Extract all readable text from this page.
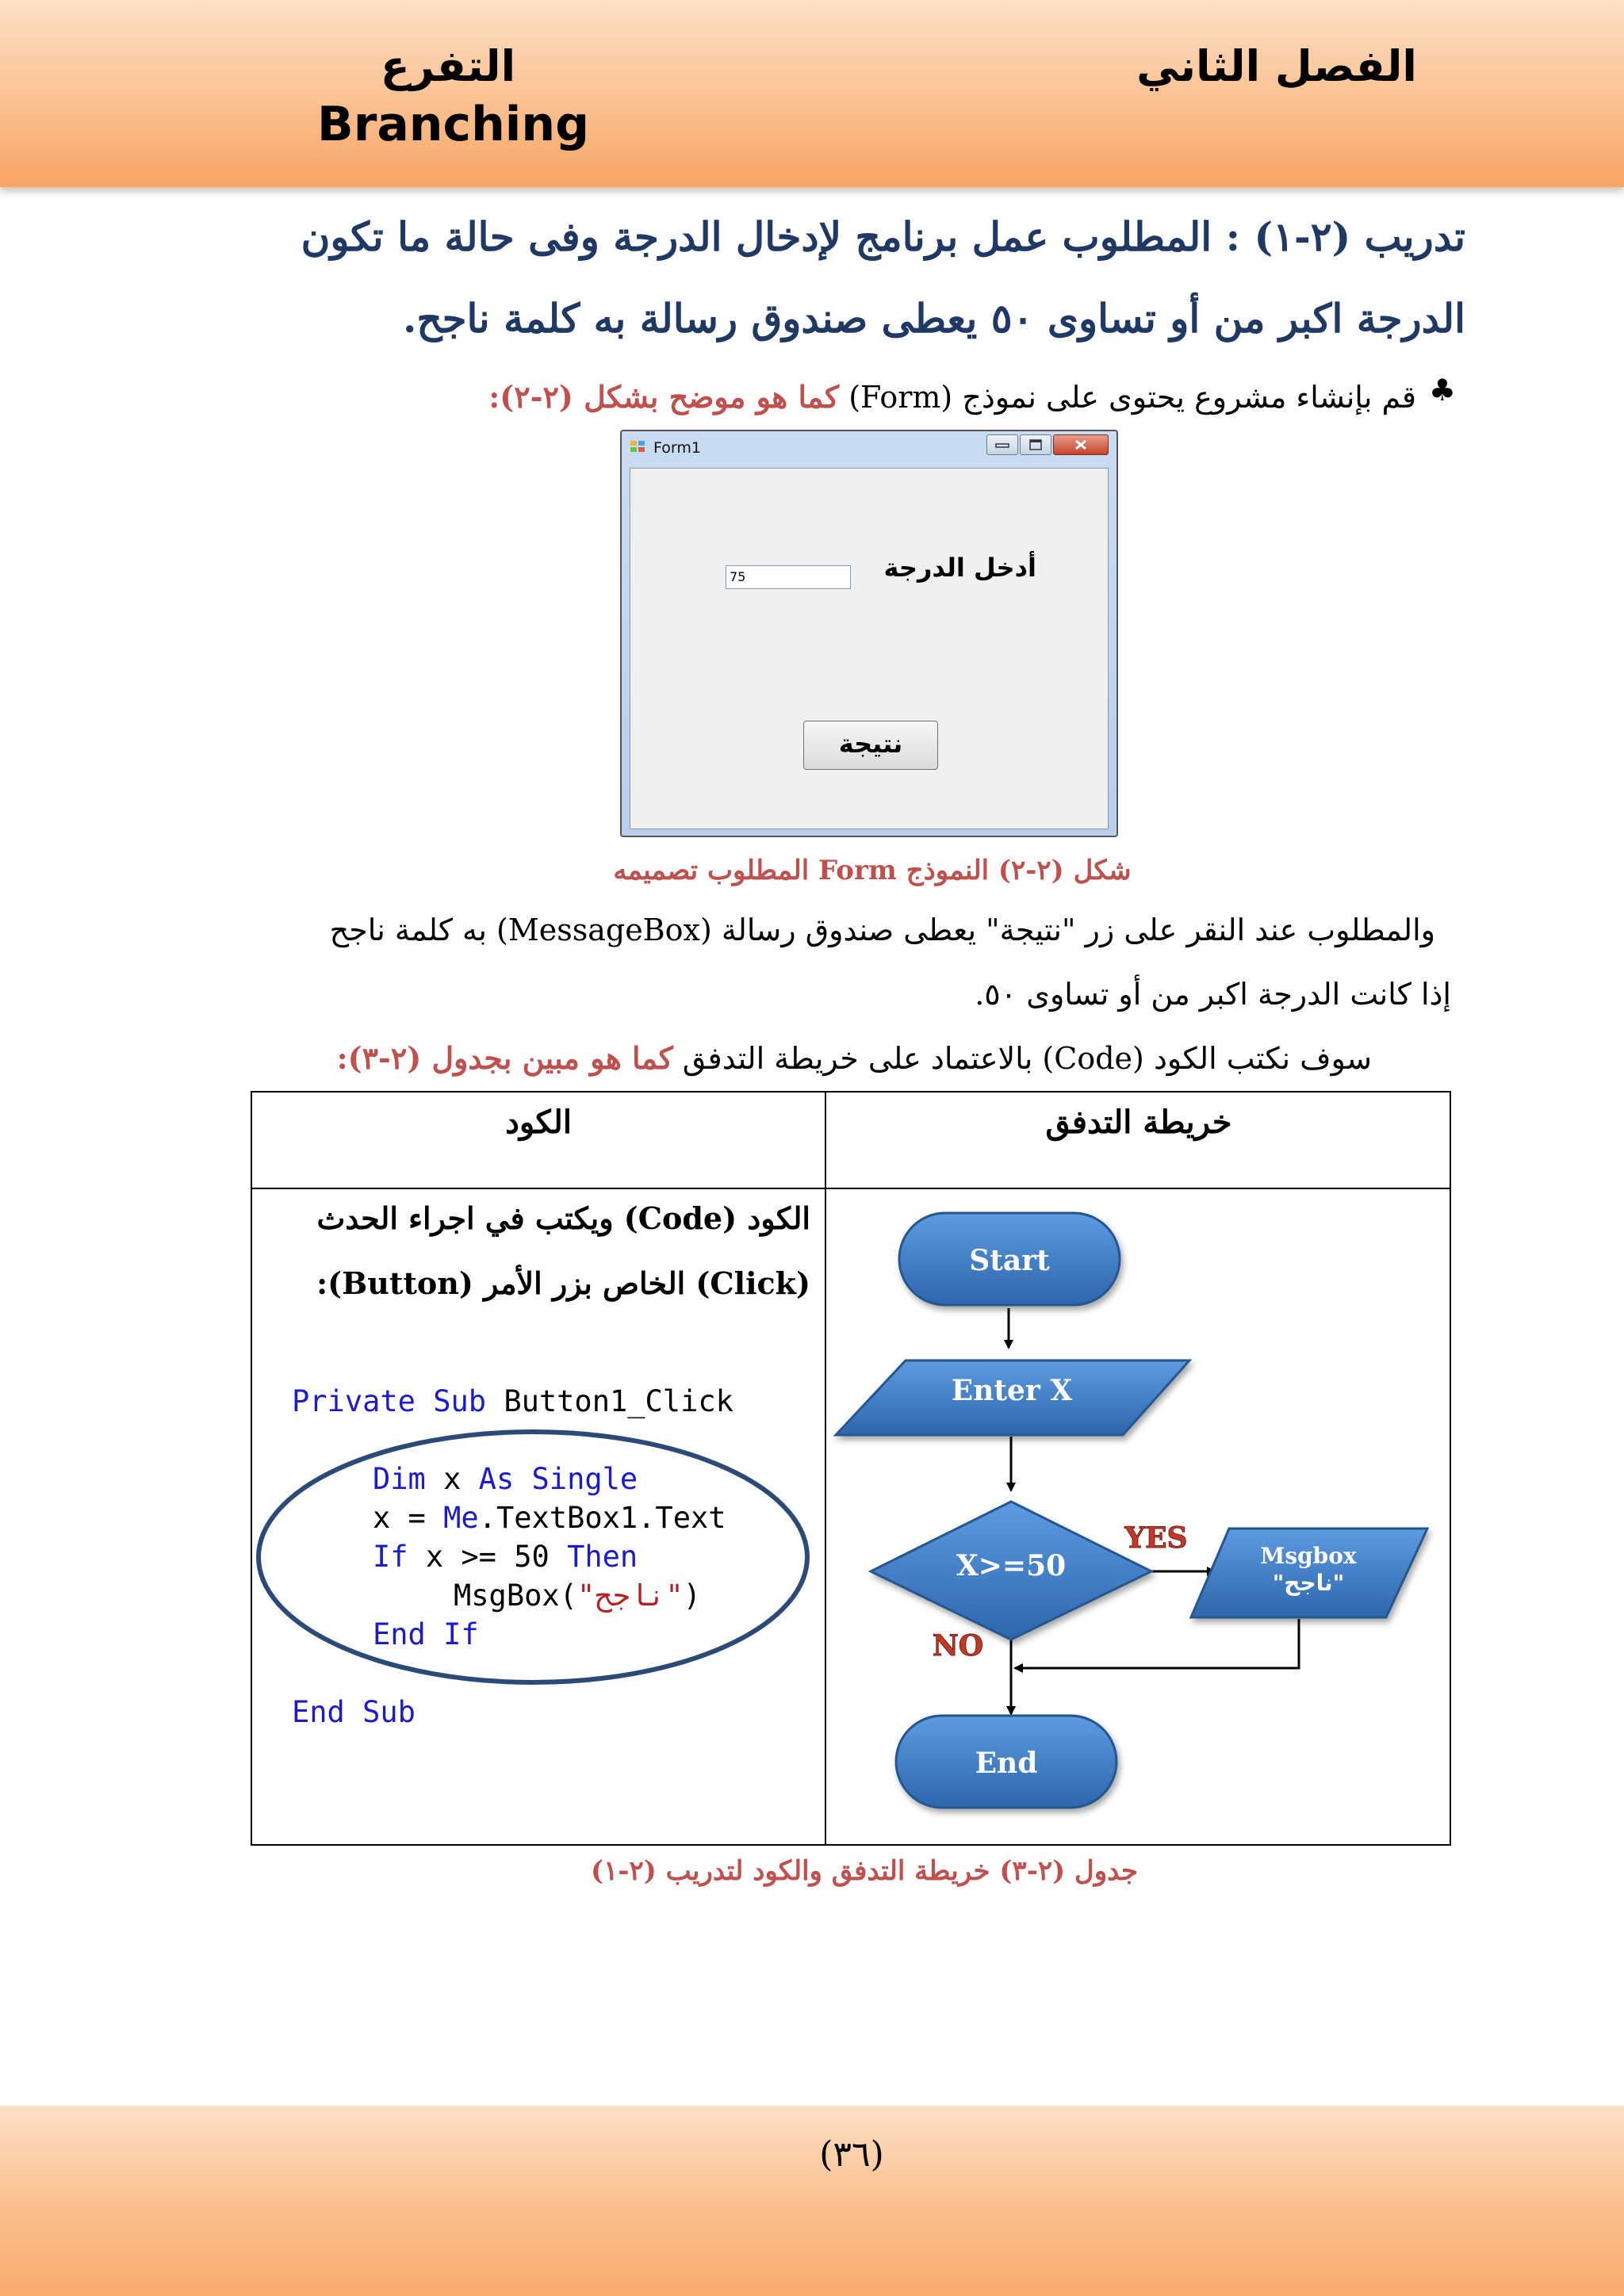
الفصل الثاني
التفرع
Branching
تدريب (٢-١) : المطلوب عمل برنامج لإدخال الدرجة وفى حالة ما تكون
الدرجة اكبر من أو تساوى ٥٠ يعطى صندوق رسالة به كلمة ناجح.
♣
قم بإنشاء مشروع يحتوى على نموذج (Form) كما هو موضح بشكل (٢-٢):
Form1
أدخل الدرجة
75
نتيجة
شكل (٢-٢) النموذج Form المطلوب تصميمه
والمطلوب عند النقر على زر "نتيجة" يعطى صندوق رسالة (MessageBox) به كلمة ناجح
إذا كانت الدرجة اكبر من أو تساوى ٥٠.
سوف نكتب الكود (Code) بالاعتماد على خريطة التدفق كما هو مبين بجدول (٢-٣):
خريطة التدفق
الكود
الكود (Code) ويكتب في اجراء الحدث
(Click) الخاص بزر الأمر (Button):
Private Sub Button1_Click
Dim x As Single
x = Me.TextBox1.Text
If x >= 50 Then
MsgBox("ناجح")
End If
End Sub
Start
Enter X
X>=50
YES
NO
Msgbox
"ناجح"
End
جدول (٢-٣) خريطة التدفق والكود لتدريب (٢-١)
(٣٦)
